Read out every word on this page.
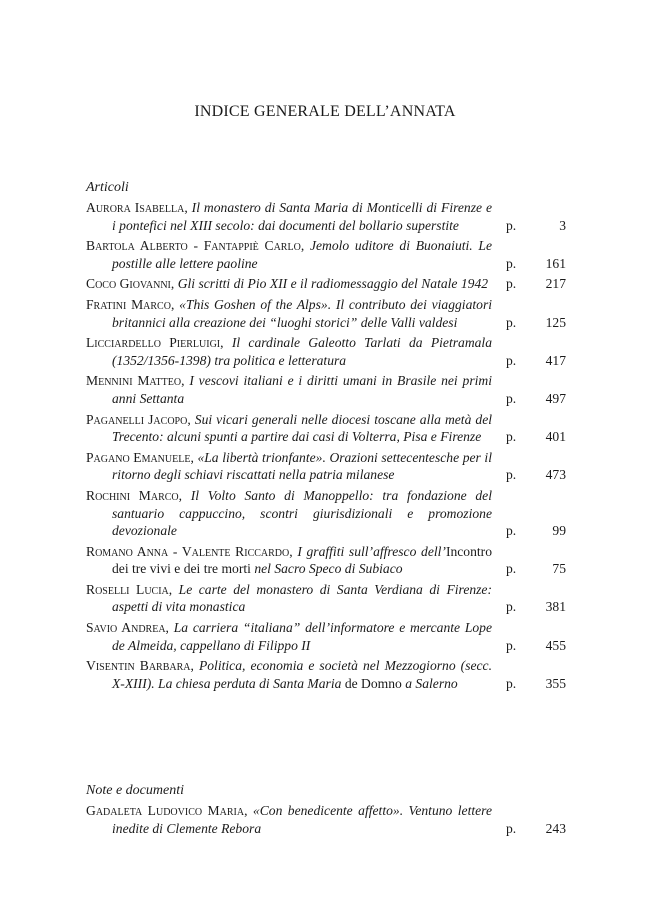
INDICE GENERALE DELL’ANNATA
Articoli
Aurora Isabella, Il monastero di Santa Maria di Monticelli di Firenze e i pontefici nel XIII secolo: dai documenti del bollario superstite	p.	3
Bartola Alberto - Fantappiè Carlo, Jemolo uditore di Buonaiuti. Le postille alle lettere paoline	p.	161
Coco Giovanni, Gli scritti di Pio XII e il radiomessaggio del Natale 1942 p.	217
Fratini Marco, «This Goshen of the Alps». Il contributo dei viaggiatori britannici alla creazione dei “luoghi storici” delle Valli valdesi	p.	125
Licciardello Pierluigi, Il cardinale Galeotto Tarlati da Pietramala (1352/1356-1398) tra politica e letteratura	p.	417
Mennini Matteo, I vescovi italiani e i diritti umani in Brasile nei primi anni Settanta	p.	497
Paganelli Jacopo, Sui vicari generali nelle diocesi toscane alla metà del Trecento: alcuni spunti a partire dai casi di Volterra, Pisa e Firenze	p.	401
Pagano Emanuele, «La libertà trionfante». Orazioni settecentesche per il ritorno degli schiavi riscattati nella patria milanese	p.	473
Rochini Marco, Il Volto Santo di Manoppello: tra fondazione del santuario cappuccino, scontri giurisdizionali e promozione devozionale	p.	99
Romano Anna - Valente Riccardo, I graffiti sull’affresco dell’Incontro dei tre vivi e dei tre morti nel Sacro Speco di Subiaco	p.	75
Roselli Lucia, Le carte del monastero di Santa Verdiana di Firenze: aspetti di vita monastica	p.	381
Savio Andrea, La carriera “italiana” dell’informatore e mercante Lope de Almeida, cappellano di Filippo II	p.	455
Visentin Barbara, Politica, economia e società nel Mezzogiorno (secc. X-XIII). La chiesa perduta di Santa Maria de Domno a Salerno	p.	355
Note e documenti
Gadaleta Ludovico Maria, «Con benedicente affetto». Ventuno lettere inedite di Clemente Rebora	p.	243
